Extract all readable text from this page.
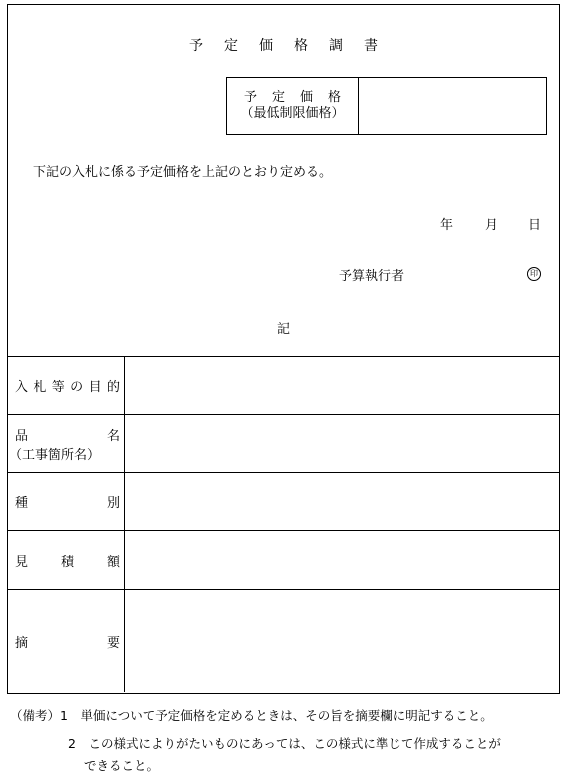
予定価格調書
予定価格
（最低制限価格）
下記の入札に係る予定価格を上記のとおり定める。
年 月 日
予算執行者	印
記
入 札 等 の 目 的
品	名
（工事箇所名）
種	別
見	積	額
摘	要
（備考）1　単価について予定価格を定めるときは、その旨を摘要欄に明記すること。
2　この様式によりがたいものにあっては、この様式に準じて作成することが
できること。
